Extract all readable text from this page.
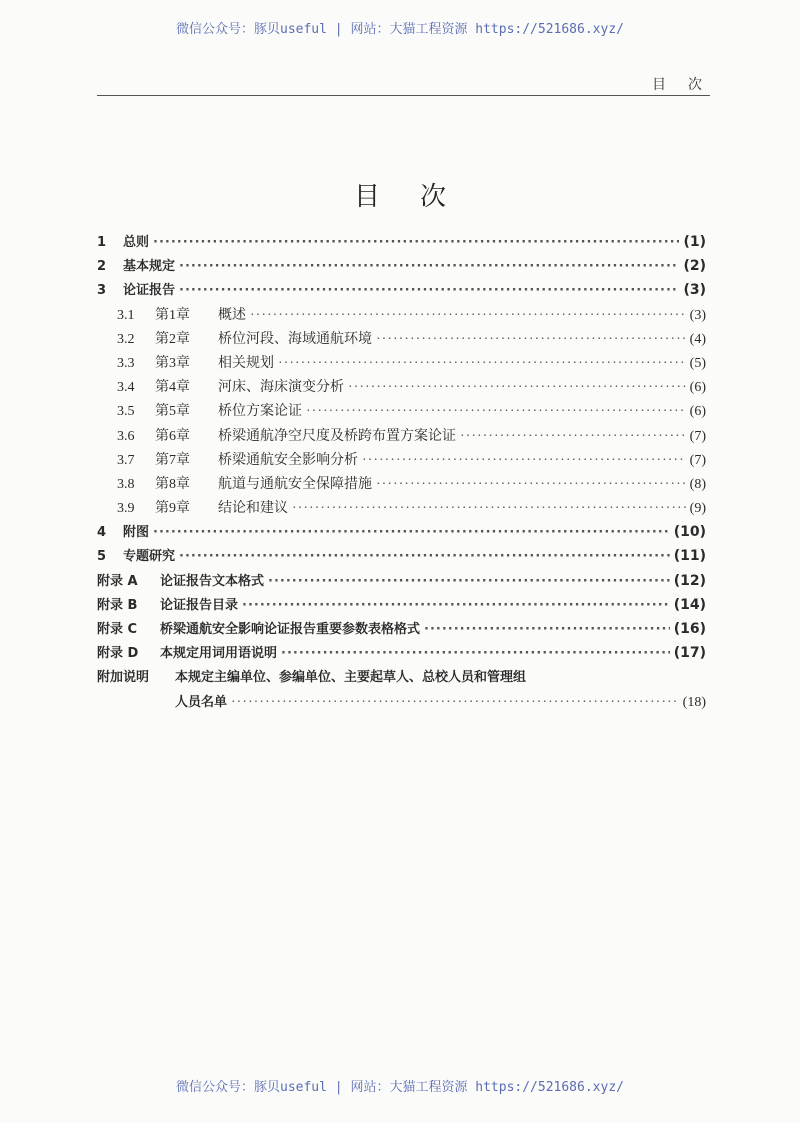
微信公众号：豚贝useful | 网站：大猫工程资源 https://521686.xyz/
目次
目次
1	总则 ·····	(1)
2	基本规定 ·····	(2)
3	论证报告 ·····	(3)
3.1	第1章	概述 ·····	(3)
3.2	第2章	桥位河段、海域通航环境 ·····	(4)
3.3	第3章	相关规划 ·····	(5)
3.4	第4章	河床、海床演变分析 ·····	(6)
3.5	第5章	桥位方案论证 ·····	(6)
3.6	第6章	桥梁通航净空尺度及桥跨布置方案论证 ·····	(7)
3.7	第7章	桥梁通航安全影响分析 ·····	(7)
3.8	第8章	航道与通航安全保障措施 ·····	(8)
3.9	第9章	结论和建议 ·····	(9)
4	附图 ·····	(10)
5	专题研究 ·····	(11)
附录 A	论证报告文本格式 ·····	(12)
附录 B	论证报告目录 ·····	(14)
附录 C	桥梁通航安全影响论证报告重要参数表格格式 ·····	(16)
附录 D	本规定用词用语说明 ·····	(17)
附加说明	本规定主编单位、参编单位、主要起草人、总校人员和管理组
人员名单 ·····	(18)
微信公众号：豚贝useful | 网站：大猫工程资源 https://521686.xyz/
